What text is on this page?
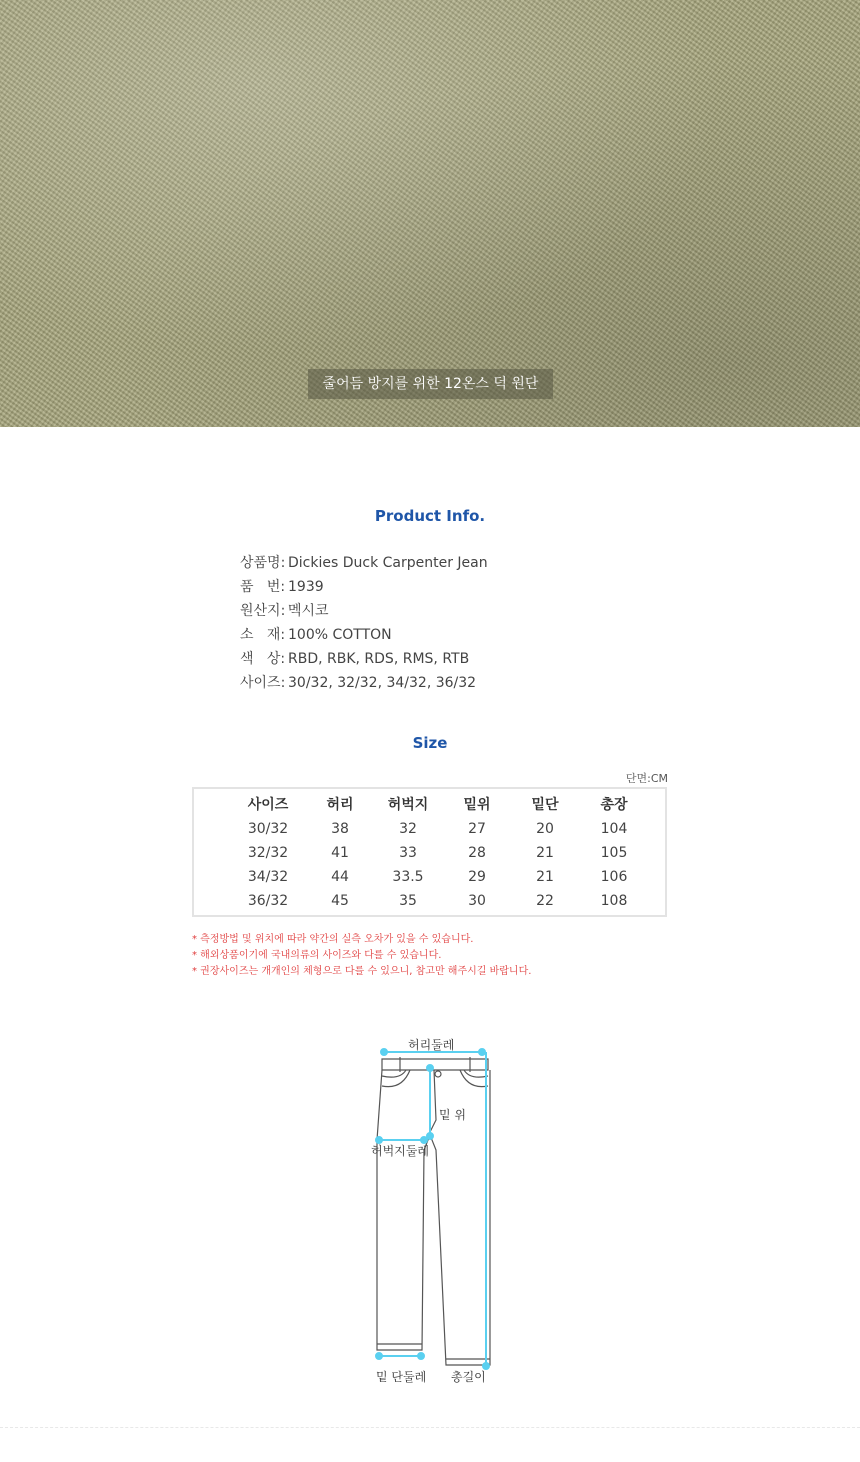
줄어듬 방지를 위한 12온스 덕 원단
Product Info.
상품명: Dickies Duck Carpenter Jean
품   번: 1939
원산지: 멕시코
소   재: 100% COTTON
색   상: RBD, RBK, RDS, RMS, RTB
사이즈: 30/32, 32/32, 34/32, 36/32
Size
단면:CM
사이즈	허리	허벅지	밑위	밑단	총장
30/32	38	32	27	20	104
32/32	41	33	28	21	105
34/32	44	33.5	29	21	106
36/32	45	35	30	22	108
* 측정방법 및 위치에 따라 약간의 실측 오차가 있을 수 있습니다.
* 해외상품이기에 국내의류의 사이즈와 다를 수 있습니다.
* 권장사이즈는 개개인의 체형으로 다를 수 있으니, 참고만 해주시길 바랍니다.
허리둘레
밑 위
허벅지둘레
밑 단둘레 총길이
